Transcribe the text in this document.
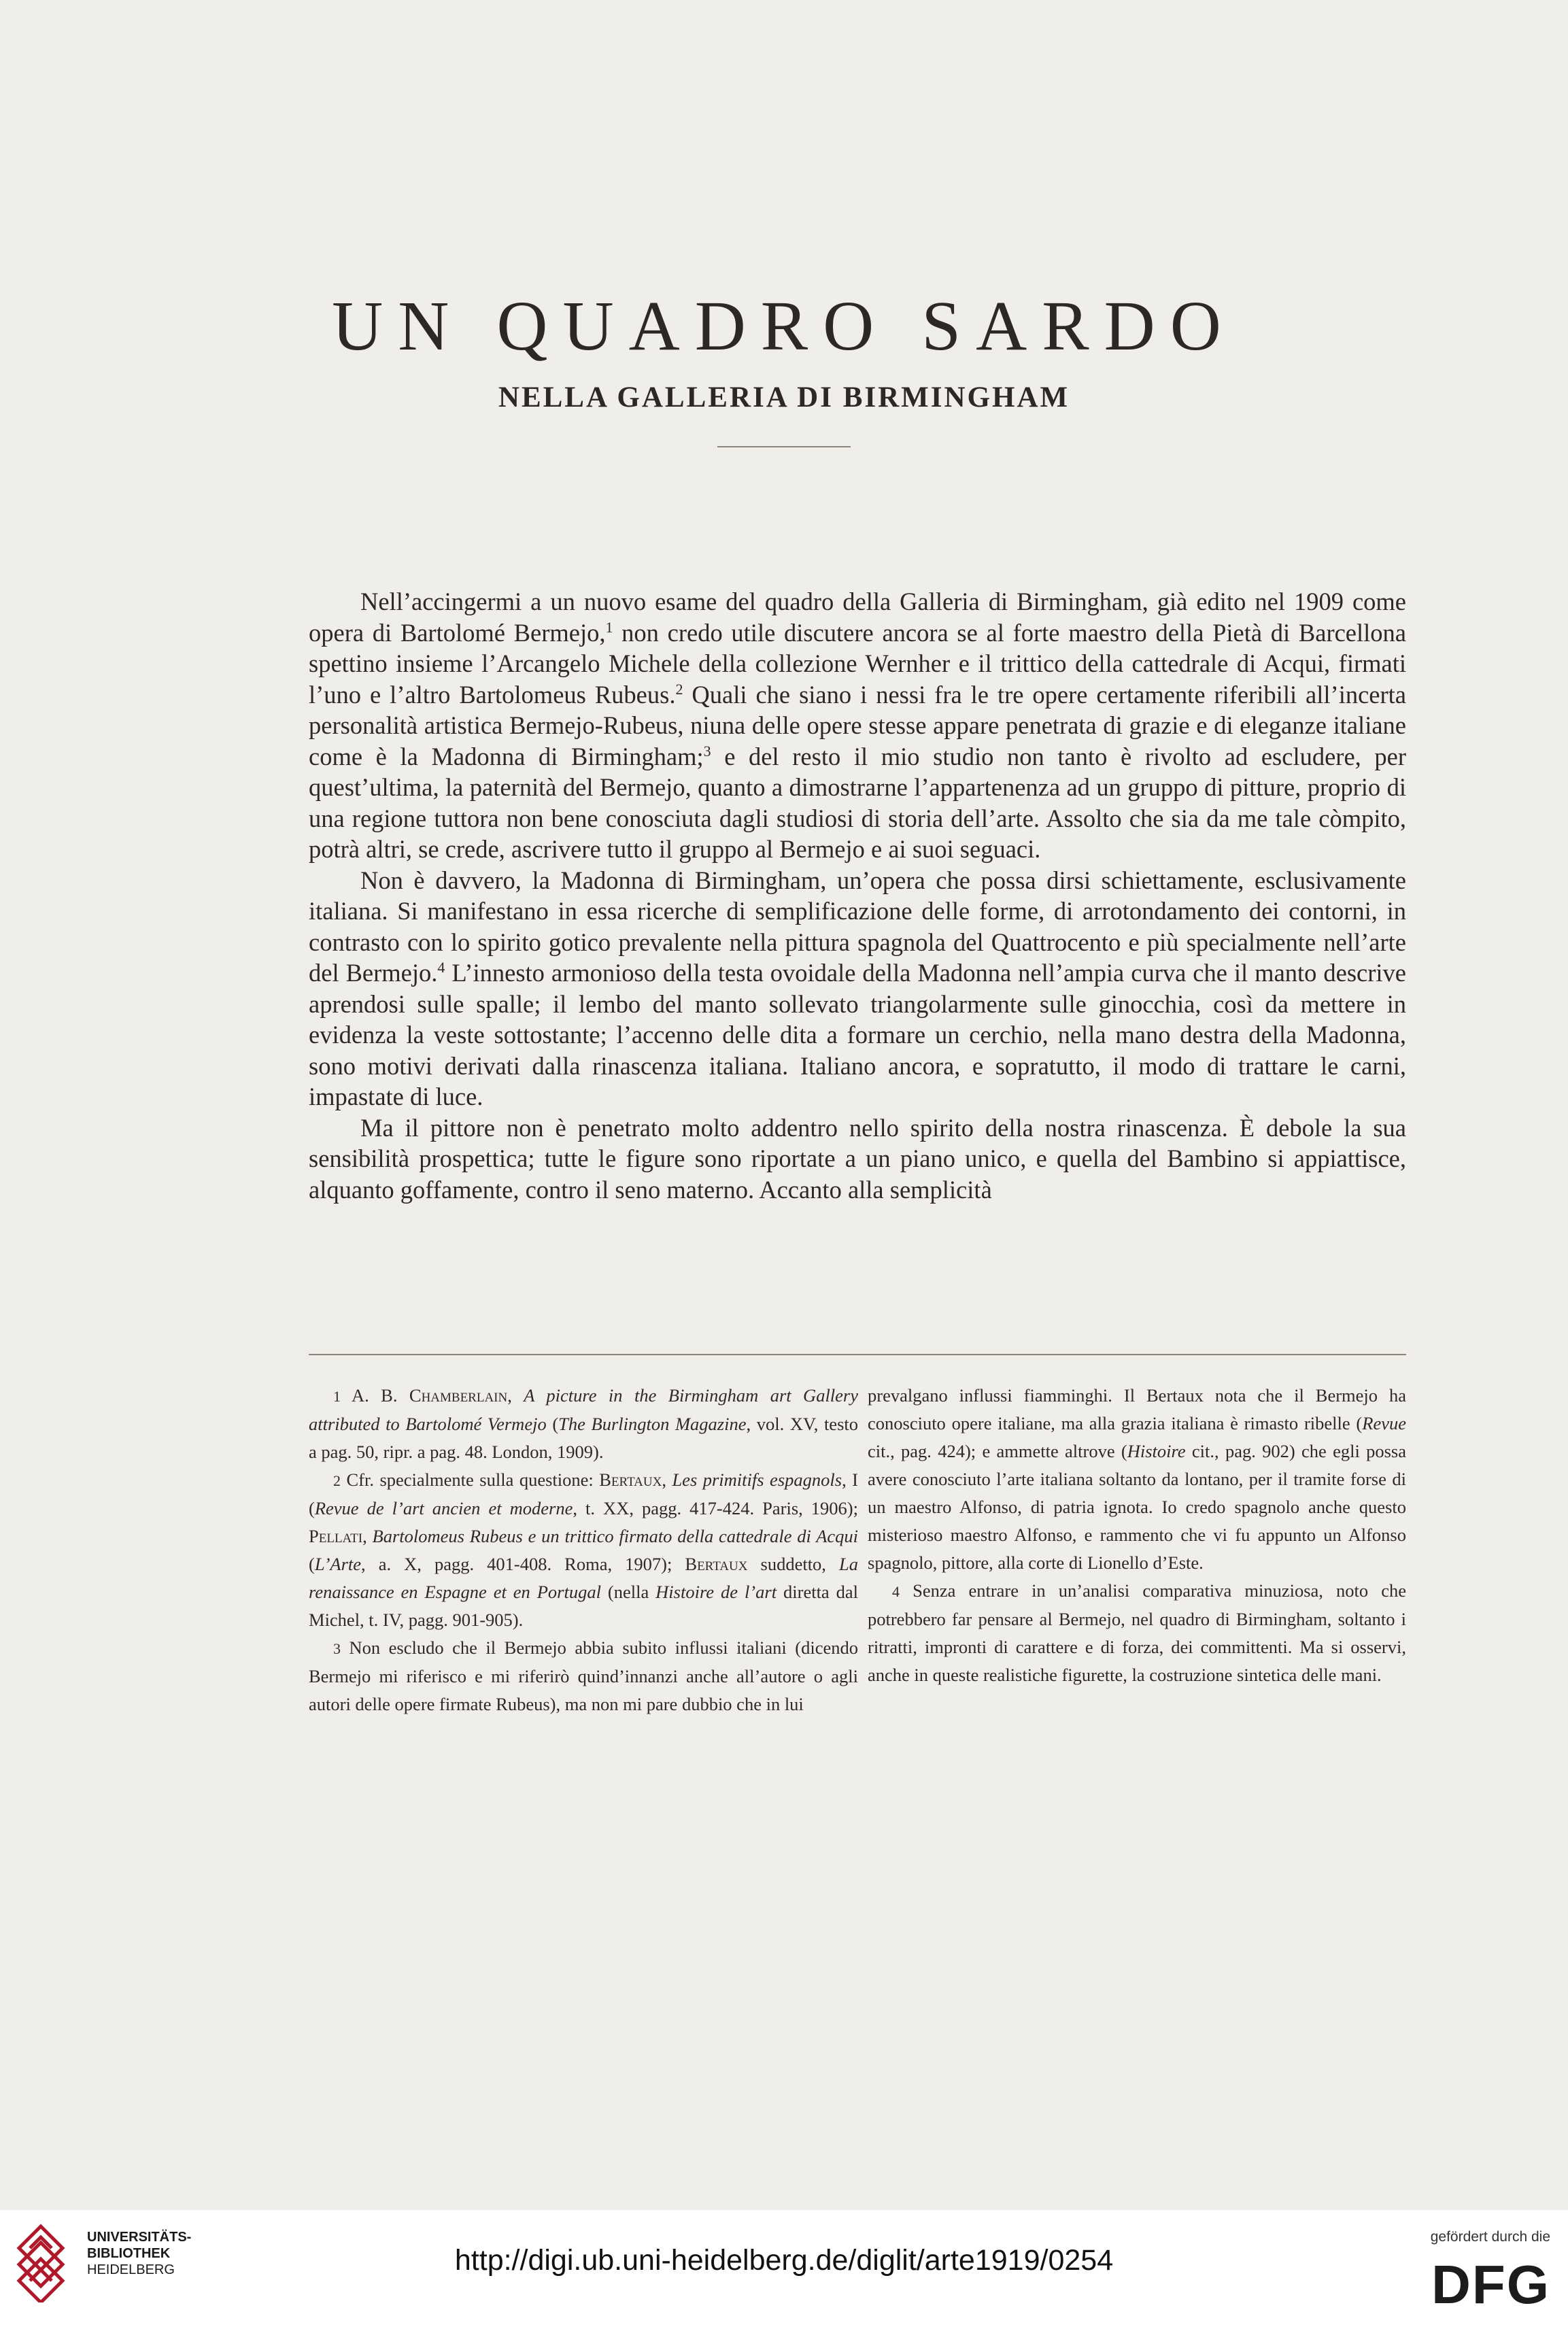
UN QUADRO SARDO
NELLA GALLERIA DI BIRMINGHAM

Nell’accingermi a un nuovo esame del quadro della Galleria di Birmingham, già edito nel 1909 come opera di Bartolomé Bermejo,$^1$ non credo utile discutere ancora se al forte maestro della Pietà di Barcellona spettino insieme l’Arcangelo Michele della collezione Wernher e il trittico della cattedrale di Acqui, firmati l’uno e l’altro Bartolomeus Rubeus.$^2$ Quali che siano i nessi fra le tre opere certamente riferibili all’incerta personalità artistica Bermejo-Rubeus, niuna delle opere stesse appare penetrata di grazie e di eleganze italiane come è la Madonna di Birmingham;$^3$ e del resto il mio studio non tanto è rivolto ad escludere, per quest’ultima, la paternità del Bermejo, quanto a dimostrarne l’appartenenza ad un gruppo di pitture, proprio di una regione tuttora non bene conosciuta dagli studiosi di storia dell’arte. Assolto che sia da me tale còmpito, potrà altri, se crede, ascrivere tutto il gruppo al Bermejo e ai suoi seguaci.

Non è davvero, la Madonna di Birmingham, un’opera che possa dirsi schiettamente, esclusivamente italiana. Si manifestano in essa ricerche di semplificazione delle forme, di arrotondamento dei contorni, in contrasto con lo spirito gotico prevalente nella pittura spagnola del Quattrocento e più specialmente nell’arte del Bermejo.$^4$ L’innesto armonioso della testa ovoidale della Madonna nell’ampia curva che il manto descrive aprendosi sulle spalle; il lembo del manto sollevato triangolarmente sulle ginocchia, così da mettere in evidenza la veste sottostante; l’accenno delle dita a formare un cerchio, nella mano destra della Madonna, sono motivi derivati dalla rinascenza italiana. Italiano ancora, e sopratutto, il modo di trattare le carni, impastate di luce.

Ma il pittore non è penetrato molto addentro nello spirito della nostra rinascenza. È debole la sua sensibilità prospettica; tutte le figure sono riportate a un piano unico, e quella del Bambino si appiattisce, alquanto goffamente, contro il seno materno. Accanto alla semplicità

1 A. B. Chamberlain, A picture in the Birmingham art Gallery attributed to Bartolomé Vermejo (The Burlington Magazine, vol. XV, testo a pag. 50, ripr. a pag. 48. London, 1909).

2 Cfr. specialmente sulla questione: Bertaux, Les primitifs espagnols, I (Revue de l’art ancien et moderne, t. XX, pagg. 417-424. Paris, 1906); Pellati, Bartolomeus Rubeus e un trittico firmato della cattedrale di Acqui (L’Arte, a. X, pagg. 401-408. Roma, 1907); Bertaux suddetto, La renaissance en Espagne et en Portugal (nella Histoire de l’art diretta dal Michel, t. IV, pagg. 901-905).

3 Non escludo che il Bermejo abbia subito influssi italiani (dicendo Bermejo mi riferisco e mi riferirò quind’innanzi anche all’autore o agli autori delle opere firmate Rubeus), ma non mi pare dubbio che in lui

prevalgano influssi fiamminghi. Il Bertaux nota che il Bermejo ha conosciuto opere italiane, ma alla grazia italiana è rimasto ribelle (Revue cit., pag. 424); e ammette altrove (Histoire cit., pag. 902) che egli possa avere conosciuto l’arte italiana soltanto da lontano, per il tramite forse di un maestro Alfonso, di patria ignota. Io credo spagnolo anche questo misterioso maestro Alfonso, e rammento che vi fu appunto un Alfonso spagnolo, pittore, alla corte di Lionello d’Este.

4 Senza entrare in un’analisi comparativa minuziosa, noto che potrebbero far pensare al Bermejo, nel quadro di Birmingham, soltanto i ritratti, impronti di carattere e di forza, dei committenti. Ma si osservi, anche in queste realistiche figurette, la costruzione sintetica delle mani.

UNIVERSITÄTS-
BIBLIOTHEK
HEIDELBERG	http://digi.ub.uni-heidelberg.de/diglit/arte1919/0254
gefördert durch die
DFG
